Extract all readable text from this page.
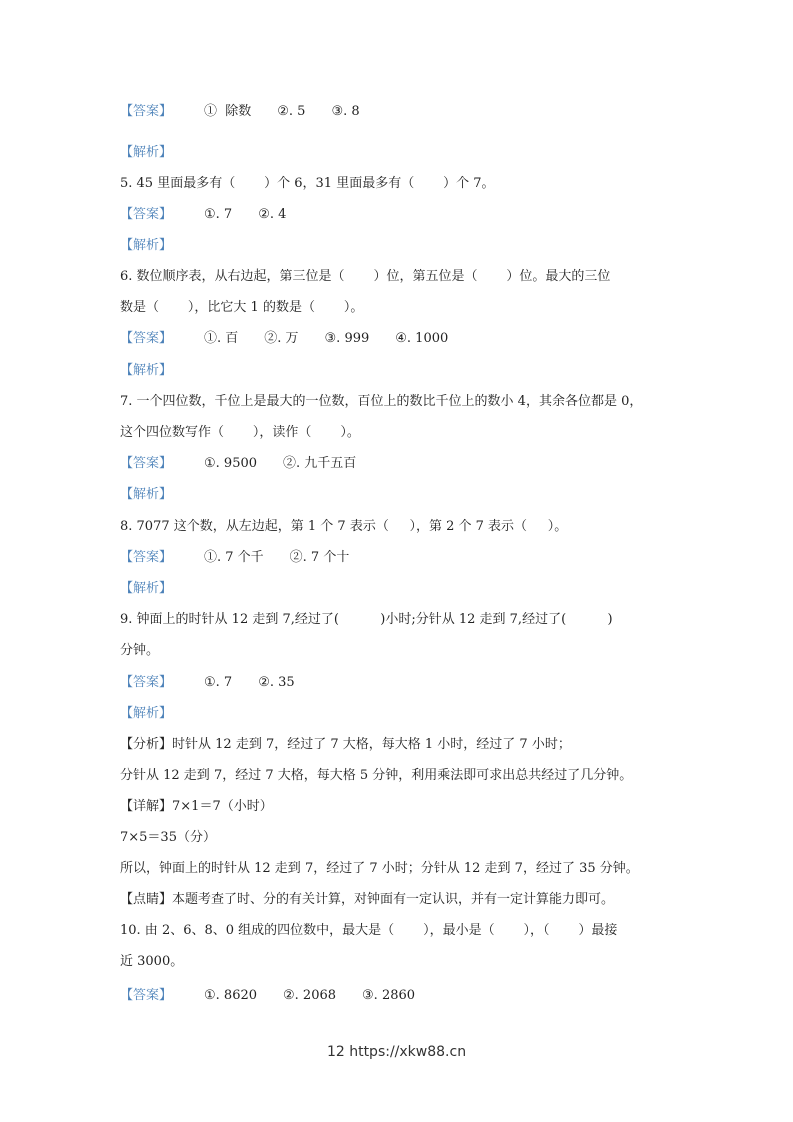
【答案】 ①  除数 ②. 5 ③. 8
【解析】
5. 45 里面最多有（       ）个 6，31 里面最多有（       ）个 7。
【答案】 ①. 7 ②. 4
【解析】
6. 数位顺序表，从右边起，第三位是（       ）位，第五位是（       ）位。最大的三位
数是（       ），比它大 1 的数是（       ）。
【答案】 ①. 百 ②. 万 ③. 999 ④. 1000
【解析】
7. 一个四位数，千位上是最大的一位数，百位上的数比千位上的数小 4，其余各位都是 0，
这个四位数写作（       ），读作（       ）。
【答案】 ①. 9500 ②. 九千五百
【解析】
8. 7077 这个数，从左边起，第 1 个 7 表示（     ），第 2 个 7 表示（     ）。
【答案】 ①. 7 个千 ②. 7 个十
【解析】
9. 钟面上的时针从 12 走到 7,经过了(          )小时;分针从 12 走到 7,经过了(          )
分钟。
【答案】 ①. 7 ②. 35
【解析】
【分析】时针从 12 走到 7，经过了 7 大格，每大格 1 小时，经过了 7 小时；
分针从 12 走到 7，经过 7 大格，每大格 5 分钟，利用乘法即可求出总共经过了几分钟。
【详解】7×1＝7（小时）
7×5＝35（分）
所以，钟面上的时针从 12 走到 7，经过了 7 小时；分针从 12 走到 7，经过了 35 分钟。
【点睛】本题考查了时、分的有关计算，对钟面有一定认识，并有一定计算能力即可。
10. 由 2、6、8、0 组成的四位数中，最大是（       ），最小是（       ），（       ）最接
近 3000。
【答案】 ①. 8620 ②. 2068 ③. 2860
12 https://xkw88.cn
